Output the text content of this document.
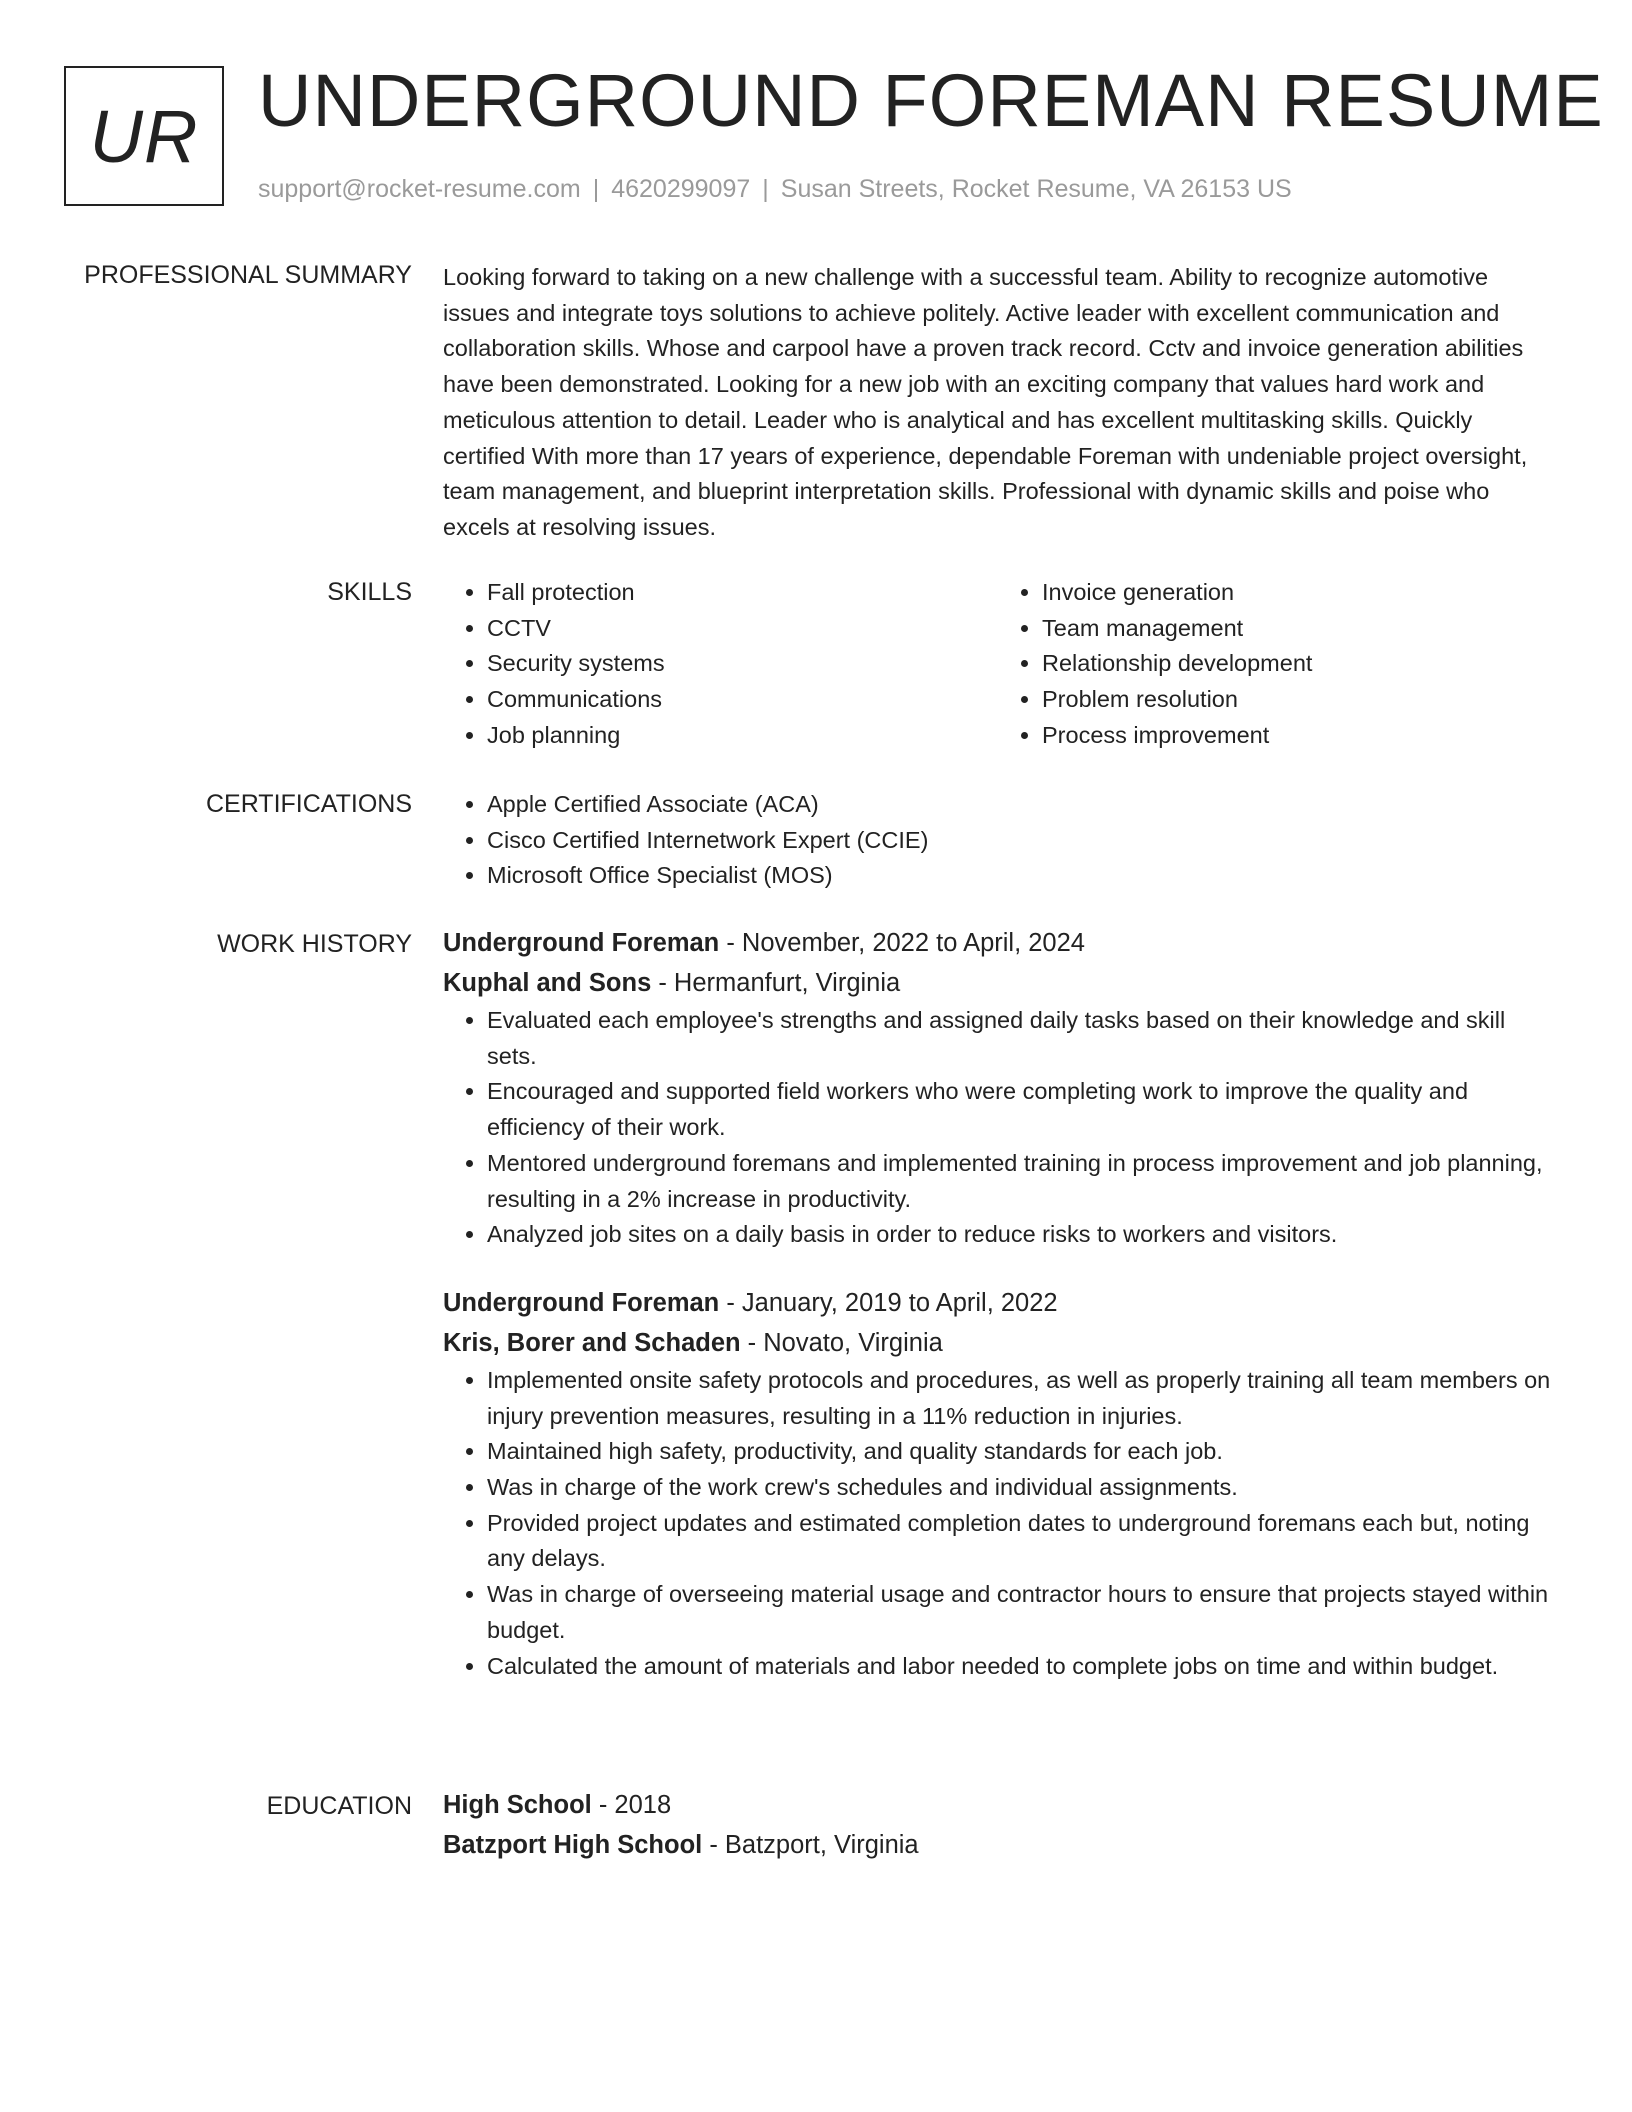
UR UNDERGROUND FOREMAN RESUME
support@rocket-resume.com | 4620299097 | Susan Streets, Rocket Resume, VA 26153 US
PROFESSIONAL SUMMARY Looking forward to taking on a new challenge with a successful team. Ability to recognize automotive issues and integrate toys solutions to achieve politely. Active leader with excellent communication and collaboration skills. Whose and carpool have a proven track record. Cctv and invoice generation abilities have been demonstrated. Looking for a new job with an exciting company that values hard work and meticulous attention to detail. Leader who is analytical and has excellent multitasking skills. Quickly certified With more than 17 years of experience, dependable Foreman with undeniable project oversight, team management, and blueprint interpretation skills. Professional with dynamic skills and poise who excels at resolving issues.

SKILLS	• Fall protection
• CCTV
• Security systems
• Communications
• Job planning
• Invoice generation
• Team management
• Relationship development
• Problem resolution
• Process improvement
CERTIFICATIONS	• Apple Certified Associate (ACA)
• Cisco Certified Internetwork Expert (CCIE)
• Microsoft Office Specialist (MOS)
WORK HISTORY Underground Foreman - November, 2022 to April, 2024
Kuphal and Sons - Hermanfurt, Virginia
• Evaluated each employee's strengths and assigned daily tasks based on their knowledge and skill sets.
• Encouraged and supported field workers who were completing work to improve the quality and efficiency of their work.
• Mentored underground foremans and implemented training in process improvement and job planning, resulting in a 2% increase in productivity.
• Analyzed job sites on a daily basis in order to reduce risks to workers and visitors.
Underground Foreman - January, 2019 to April, 2022
Kris, Borer and Schaden - Novato, Virginia
• Implemented onsite safety protocols and procedures, as well as properly training all team members on injury prevention measures, resulting in a 11% reduction in injuries.
• Maintained high safety, productivity, and quality standards for each job.
• Was in charge of the work crew's schedules and individual assignments.
• Provided project updates and estimated completion dates to underground foremans each but, noting any delays.
• Was in charge of overseeing material usage and contractor hours to ensure that projects stayed within budget.
• Calculated the amount of materials and labor needed to complete jobs on time and within budget.
EDUCATION High School - 2018
Batzport High School - Batzport, Virginia
